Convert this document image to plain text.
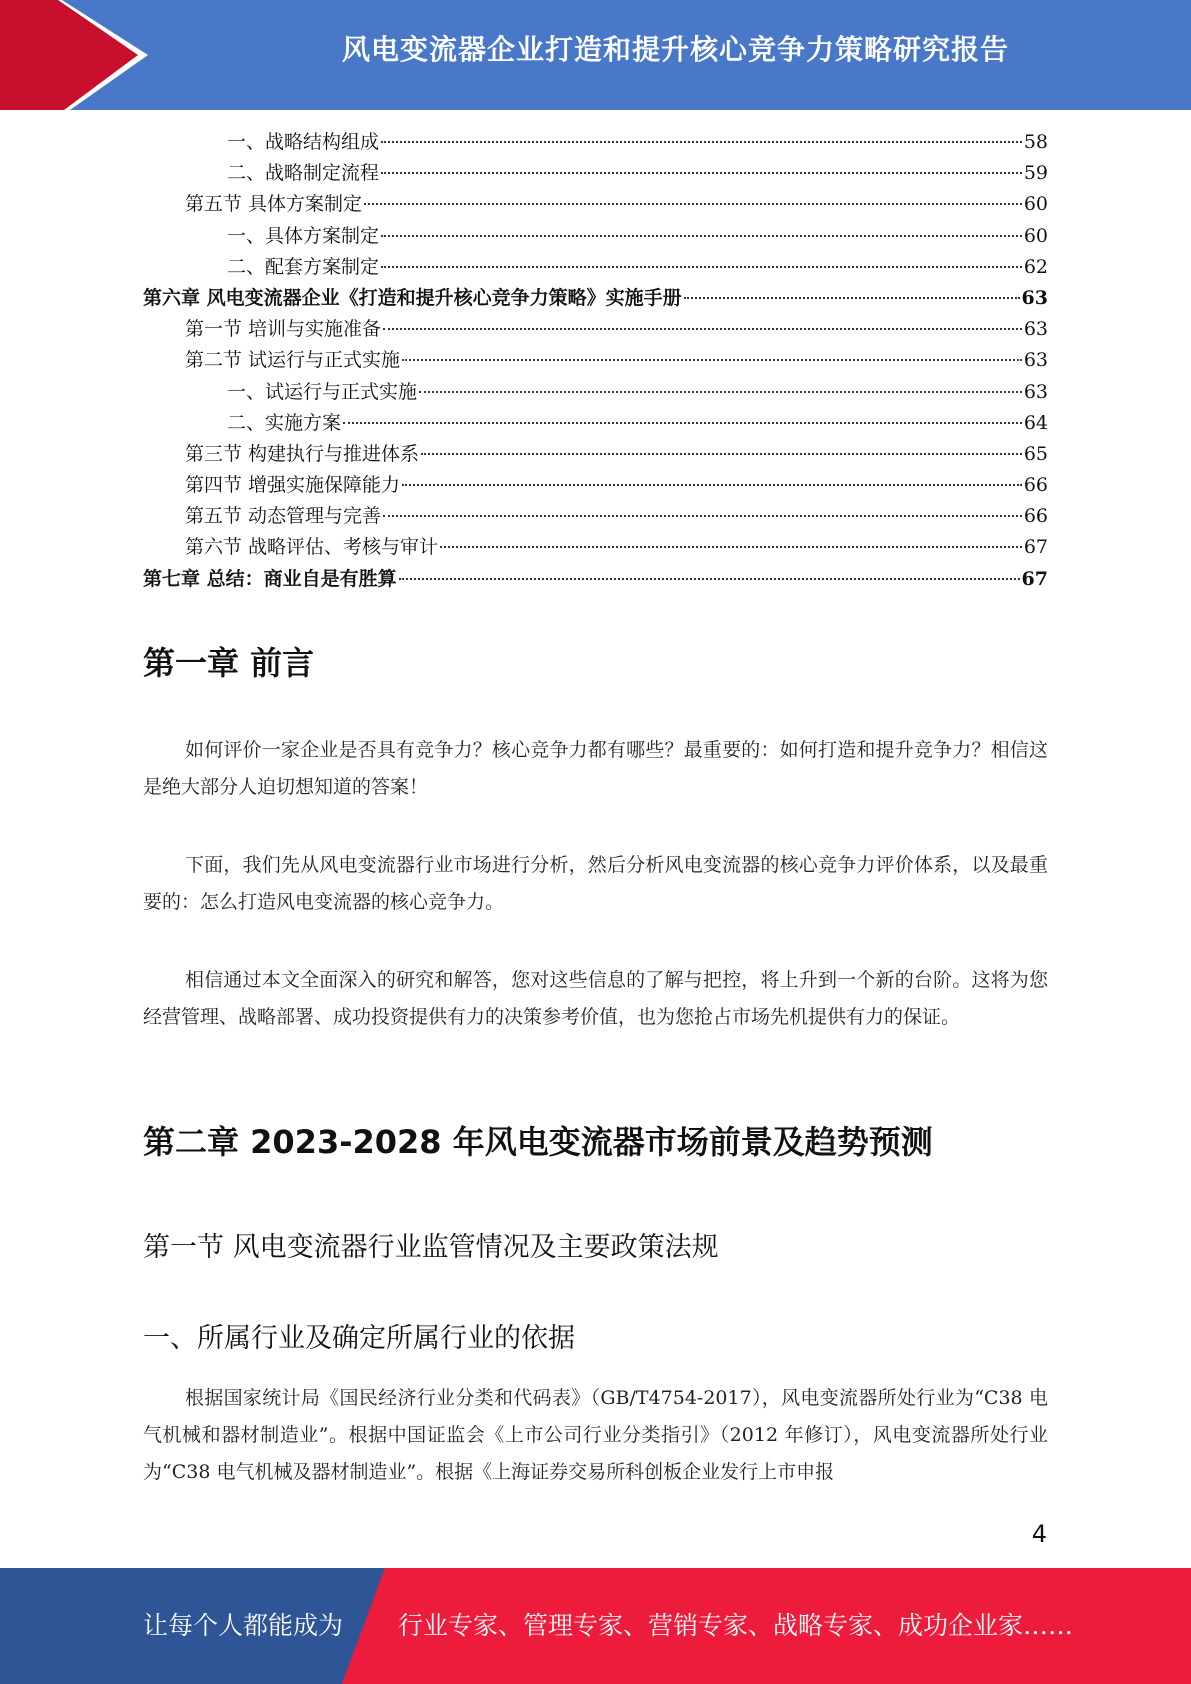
风电变流器企业打造和提升核心竞争力策略研究报告
一、战略结构组成	58
二、战略制定流程	59
第五节 具体方案制定	60
一、具体方案制定	60
二、配套方案制定	62
第六章 风电变流器企业《打造和提升核心竞争力策略》实施手册	63
第一节 培训与实施准备	63
第二节 试运行与正式实施	63
一、试运行与正式实施	63
二、实施方案	64
第三节 构建执行与推进体系	65
第四节 增强实施保障能力	66
第五节 动态管理与完善	66
第六节 战略评估、考核与审计	67
第七章 总结：商业自是有胜算	67
第一章 前言
如何评价一家企业是否具有竞争力？核心竞争力都有哪些？最重要的：如何打造和提升竞争力？相信这是绝大部分人迫切想知道的答案！
下面，我们先从风电变流器行业市场进行分析，然后分析风电变流器的核心竞争力评价体系，以及最重要的：怎么打造风电变流器的核心竞争力。
相信通过本文全面深入的研究和解答，您对这些信息的了解与把控，将上升到一个新的台阶。这将为您经营管理、战略部署、成功投资提供有力的决策参考价值，也为您抢占市场先机提供有力的保证。
第二章 2023-2028 年风电变流器市场前景及趋势预测
第一节 风电变流器行业监管情况及主要政策法规
一、所属行业及确定所属行业的依据
根据国家统计局《国民经济行业分类和代码表》（GB/T4754-2017），风电变流器所处行业为“C38 电气机械和器材制造业”。根据中国证监会《上市公司行业分类指引》（2012 年修订），风电变流器所处行业为“C38 电气机械及器材制造业”。根据《上海证券交易所科创板企业发行上市申报
4
让每个人都能成为 行业专家、管理专家、营销专家、战略专家、成功企业家……
